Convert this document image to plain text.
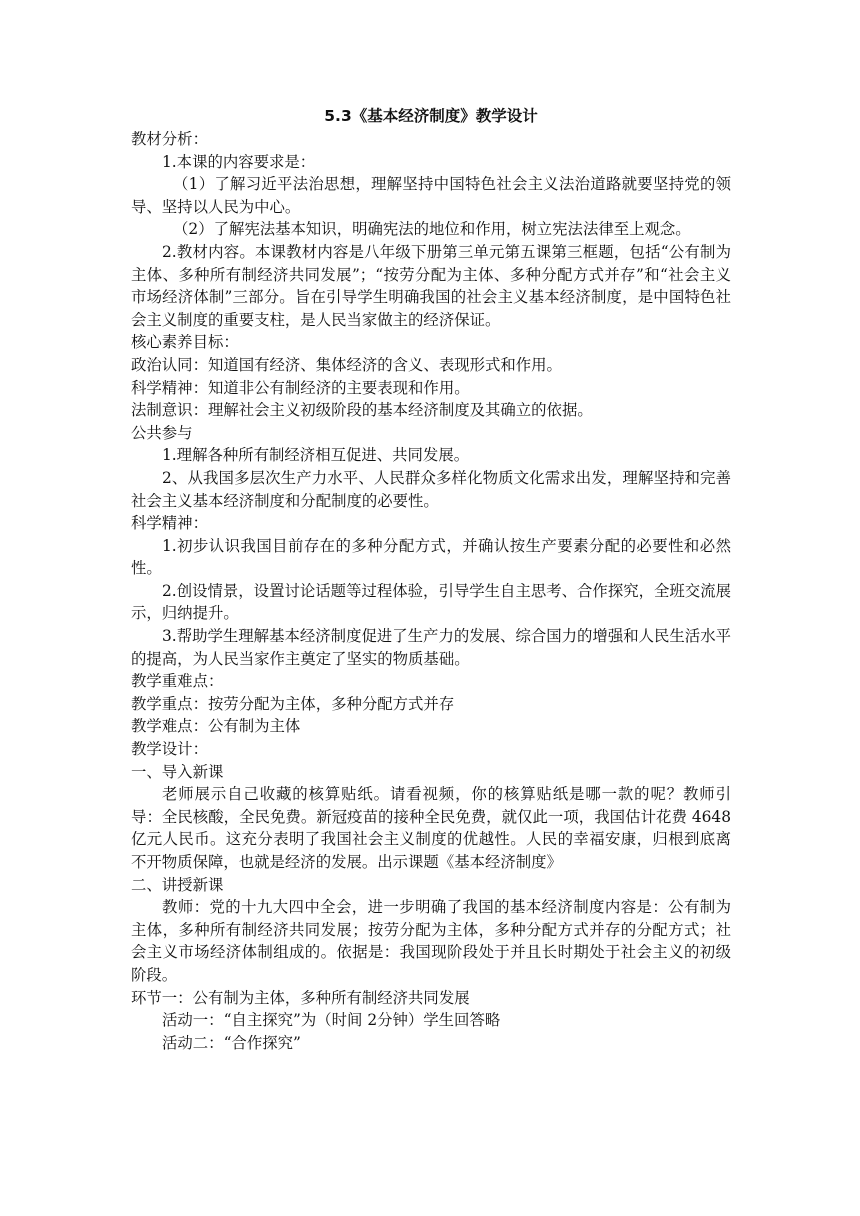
5.3《基本经济制度》教学设计

教材分析：

1.本课的内容要求是：

（1）了解习近平法治思想，理解坚持中国特色社会主义法治道路就要坚持党的领导、坚持以人民为中心。

（2）了解宪法基本知识，明确宪法的地位和作用，树立宪法法律至上观念。

2.教材内容。本课教材内容是八年级下册第三单元第五课第三框题，包括“公有制为主体、多种所有制经济共同发展”；“按劳分配为主体、多种分配方式并存”和“社会主义市场经济体制”三部分。旨在引导学生明确我国的社会主义基本经济制度，是中国特色社会主义制度的重要支柱，是人民当家做主的经济保证。

核心素养目标：

政治认同：知道国有经济、集体经济的含义、表现形式和作用。

科学精神：知道非公有制经济的主要表现和作用。

法制意识：理解社会主义初级阶段的基本经济制度及其确立的依据。

公共参与

1.理解各种所有制经济相互促进、共同发展。

2、从我国多层次生产力水平、人民群众多样化物质文化需求出发，理解坚持和完善社会主义基本经济制度和分配制度的必要性。

科学精神：

1.初步认识我国目前存在的多种分配方式，并确认按生产要素分配的必要性和必然性。

2.创设情景，设置讨论话题等过程体验，引导学生自主思考、合作探究，全班交流展示，归纳提升。

3.帮助学生理解基本经济制度促进了生产力的发展、综合国力的增强和人民生活水平的提高，为人民当家作主奠定了坚实的物质基础。

教学重难点：

教学重点：按劳分配为主体，多种分配方式并存

教学难点：公有制为主体

教学设计：

一、导入新课

老师展示自己收藏的核算贴纸。请看视频，你的核算贴纸是哪一款的呢？教师引导：全民核酸，全民免费。新冠疫苗的接种全民免费，就仅此一项，我国估计花费 4648亿元人民币。这充分表明了我国社会主义制度的优越性。人民的幸福安康，归根到底离不开物质保障，也就是经济的发展。出示课题《基本经济制度》

二、讲授新课

教师：党的十九大四中全会，进一步明确了我国的基本经济制度内容是：公有制为主体，多种所有制经济共同发展；按劳分配为主体，多种分配方式并存的分配方式；社会主义市场经济体制组成的。依据是：我国现阶段处于并且长时期处于社会主义的初级阶段。

环节一：公有制为主体，多种所有制经济共同发展

活动一：“自主探究”为（时间 2分钟）学生回答略

活动二：“合作探究”
